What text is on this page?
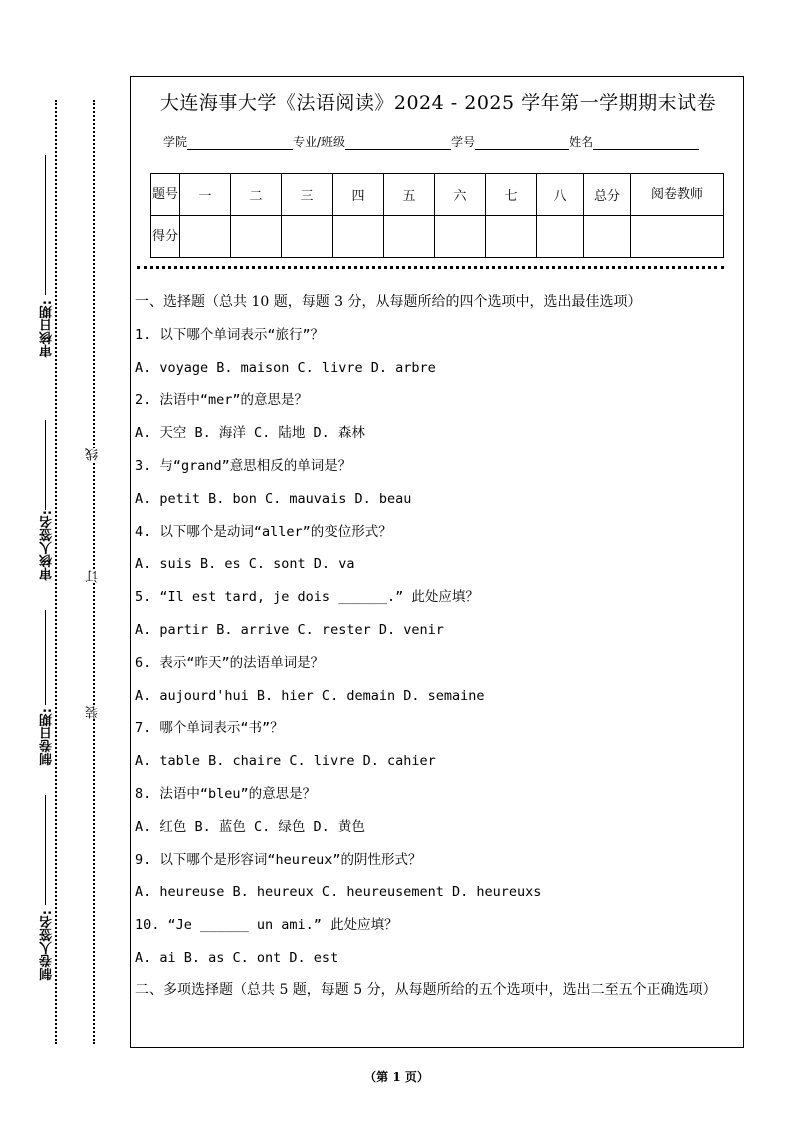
审核日期:
审核人签名:
制卷日期:
制卷人签名:
线
订
装
大连海事大学《法语阅读》2024 - 2025 学年第一学期期末试卷
学院	专业/班级	学号	姓名
题号	一	二	三	四	五	六	七	八	总分	阅卷教师
得分										
一、选择题（总共 10 题，每题 3 分，从每题所给的四个选项中，选出最佳选项）
1. 以下哪个单词表示“旅行”？
A. voyage B. maison C. livre D. arbre
2. 法语中“mer”的意思是？
A. 天空 B. 海洋 C. 陆地 D. 森林
3. 与“grand”意思相反的单词是？
A. petit B. bon C. mauvais D. beau
4. 以下哪个是动词“aller”的变位形式？
A. suis B. es C. sont D. va
5. “Il est tard, je dois ______.” 此处应填？
A. partir B. arrive C. rester D. venir
6. 表示“昨天”的法语单词是？
A. aujourd'hui B. hier C. demain D. semaine
7. 哪个单词表示“书”？
A. table B. chaire C. livre D. cahier
8. 法语中“bleu”的意思是？
A. 红色 B. 蓝色 C. 绿色 D. 黄色
9. 以下哪个是形容词“heureux”的阴性形式？
A. heureuse B. heureux C. heureusement D. heureuxs
10. “Je ______ un ami.” 此处应填？
A. ai B. as C. ont D. est
二、多项选择题（总共 5 题，每题 5 分，从每题所给的五个选项中，选出二至五个正确选项）
（第 1 页）
